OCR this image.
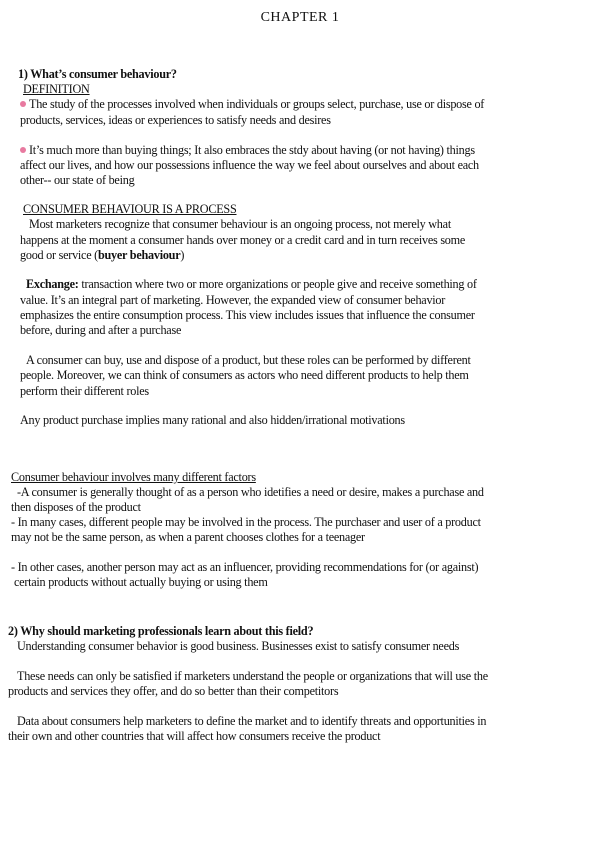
CHAPTER 1
1) What’s consumer behaviour?
DEFINITION
The study of the processes involved when individuals or groups select, purchase, use or dispose of
products, services, ideas or experiences to satisfy needs and desires
It’s much more than buying things; It also embraces the stdy about having (or not having) things
affect our lives, and how our possessions influence the way we feel about ourselves and about each
other-- our state of being
CONSUMER BEHAVIOUR IS A PROCESS
Most marketers recognize that consumer behaviour is an ongoing process, not merely what
happens at the moment a consumer hands over money or a credit card and in turn receives some
good or service (buyer behaviour)
Exchange: transaction where two or more organizations or people give and receive something of
value. It’s an integral part of marketing. However, the expanded view of consumer behavior
emphasizes the entire consumption process. This view includes issues that influence the consumer
before, during and after a purchase
A consumer can buy, use and dispose of a product, but these roles can be performed by different
people. Moreover, we can think of consumers as actors who need different products to help them
perform their different roles
Any product purchase implies many rational and also hidden/irrational motivations
Consumer behaviour involves many different factors
-A consumer is generally thought of as a person who idetifies a need or desire, makes a purchase and
then disposes of the product
- In many cases, different people may be involved in the process. The purchaser and user of a product
may not be the same person, as when a parent chooses clothes for a teenager
- In other cases, another person may act as an influencer, providing recommendations for (or against)
certain products without actually buying or using them
2) Why should marketing professionals learn about this field?
Understanding consumer behavior is good business. Businesses exist to satisfy consumer needs
These needs can only be satisfied if marketers understand the people or organizations that will use the
products and services they offer, and do so better than their competitors
Data about consumers help marketers to define the market and to identify threats and opportunities in
their own and other countries that will affect how consumers receive the product
